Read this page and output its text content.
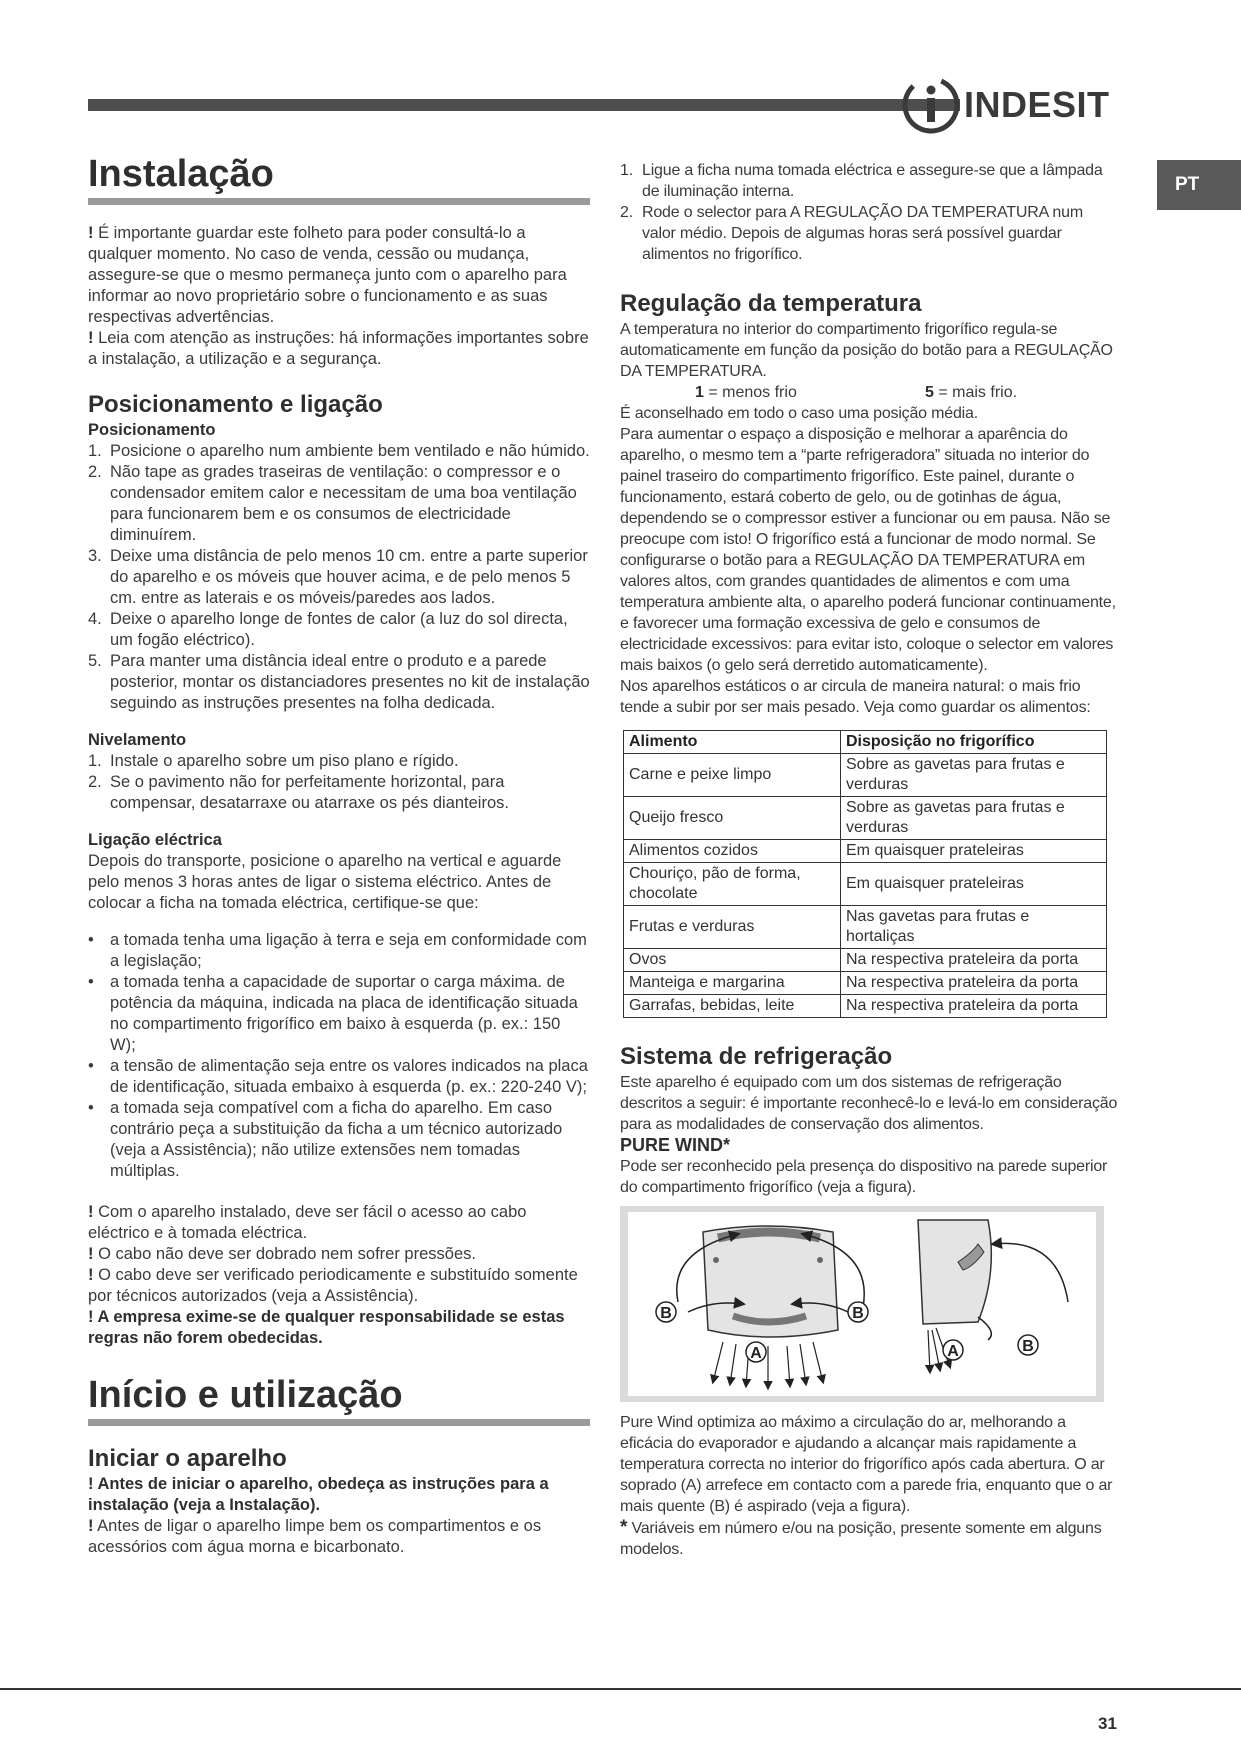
INDESIT
PT
Instalação

! É importante guardar este folheto para poder consultá-lo a qualquer momento. No caso de venda, cessão ou mudança, assegure-se que o mesmo permaneça junto com o aparelho para informar ao novo proprietário sobre o funcionamento e as suas respectivas advertências.

! Leia com atenção as instruções: há informações importantes sobre a instalação, a utilização e a segurança.

Posicionamento e ligação
Posicionamento
1. Posicione o aparelho num ambiente bem ventilado e não húmido.
2. Não tape as grades traseiras de ventilação: o compressor e o condensador emitem calor e necessitam de uma boa ventilação para funcionarem bem e os consumos de electricidade diminuírem.
3. Deixe uma distância de pelo menos 10 cm. entre a parte superior do aparelho e os móveis que houver acima, e de pelo menos 5 cm. entre as laterais e os móveis/paredes aos lados.
4. Deixe o aparelho longe de fontes de calor (a luz do sol directa, um fogão eléctrico).
5. Para manter uma distância ideal entre o produto e a parede posterior, montar os distanciadores presentes no kit de instalação seguindo as instruções presentes na folha dedicada.
Nivelamento
1. Instale o aparelho sobre um piso plano e rígido.
2. Se o pavimento não for perfeitamente horizontal, para compensar, desatarraxe ou atarraxe os pés dianteiros.
Ligação eléctrica

Depois do transporte, posicione o aparelho na vertical e aguarde pelo menos 3 horas antes de ligar o sistema eléctrico. Antes de colocar a ficha na tomada eléctrica, certifique-se que:

• a tomada tenha uma ligação à terra e seja em conformidade com a legislação;
• a tomada tenha a capacidade de suportar o carga máxima. de potência da máquina, indicada na placa de identificação situada no compartimento frigorífico em baixo à esquerda (p. ex.: 150 W);
• a tensão de alimentação seja entre os valores indicados na placa de identificação, situada embaixo à esquerda (p. ex.: 220-240 V);
• a tomada seja compatível com a ficha do aparelho. Em caso contrário peça a substituição da ficha a um técnico autorizado (veja a Assistência); não utilize extensões nem tomadas múltiplas.

! Com o aparelho instalado, deve ser fácil o acesso ao cabo eléctrico e à tomada eléctrica.

! O cabo não deve ser dobrado nem sofrer pressões.

! O cabo deve ser verificado periodicamente e substituído somente por técnicos autorizados (veja a Assistência).

! A empresa exime-se de qualquer responsabilidade se estas regras não forem obedecidas.

Início e utilização
Iniciar o aparelho

! Antes de iniciar o aparelho, obedeça as instruções para a instalação (veja a Instalação).

! Antes de ligar o aparelho limpe bem os compartimentos e os acessórios com água morna e bicarbonato.

1. Ligue a ficha numa tomada eléctrica e assegure-se que a lâmpada de iluminação interna.
2. Rode o selector para A REGULAÇÃO DA TEMPERATURA num valor médio. Depois de algumas horas será possível guardar alimentos no frigorífico.
Regulação da temperatura

A temperatura no interior do compartimento frigorífico regula-se automaticamente em função da posição do botão para a REGULAÇÃO DA TEMPERATURA.

1 = menos frio	5 = mais frio.

É aconselhado em todo o caso uma posição média.

Para aumentar o espaço a disposição e melhorar a aparência do aparelho, o mesmo tem a “parte refrigeradora” situada no interior do painel traseiro do compartimento frigorífico. Este painel, durante o funcionamento, estará coberto de gelo, ou de gotinhas de água, dependendo se o compressor estiver a funcionar ou em pausa. Não se preocupe com isto! O frigorífico está a funcionar de modo normal. Se configurarse o botão para a REGULAÇÃO DA TEMPERATURA em valores altos, com grandes quantidades de alimentos e com uma temperatura ambiente alta, o aparelho poderá funcionar continuamente, e favorecer uma formação excessiva de gelo e consumos de electricidade excessivos: para evitar isto, coloque o selector em valores mais baixos (o gelo será derretido automaticamente).

Nos aparelhos estáticos o ar circula de maneira natural: o mais frio tende a subir por ser mais pesado. Veja como guardar os alimentos:

Alimento	Disposição no frigorífico
Carne e peixe limpo	Sobre as gavetas para frutas e verduras
Queijo fresco	Sobre as gavetas para frutas e verduras
Alimentos cozidos	Em quaisquer prateleiras
Chouriço, pão de forma, chocolate	Em quaisquer prateleiras
Frutas e verduras	Nas gavetas para frutas e hortaliças
Ovos	Na respectiva prateleira da porta
Manteiga e margarina	Na respectiva prateleira da porta
Garrafas, bebidas, leite	Na respectiva prateleira da porta
Sistema de refrigeração

Este aparelho é equipado com um dos sistemas de refrigeração descritos a seguir: é importante reconhecê-lo e levá-lo em consideração para as modalidades de conservação dos alimentos.

PURE WIND*

Pode ser reconhecido pela presença do dispositivo na parede superior do compartimento frigorífico (veja a figura).

B	B
A	A	B

Pure Wind optimiza ao máximo a circulação do ar, melhorando a eficácia do evaporador e ajudando a alcançar mais rapidamente a temperatura correcta no interior do frigorífico após cada abertura. O ar soprado (A) arrefece em contacto com a parede fria, enquanto que o ar mais quente (B) é aspirado (veja a figura).

* Variáveis em número e/ou na posição, presente somente em alguns modelos.

31
